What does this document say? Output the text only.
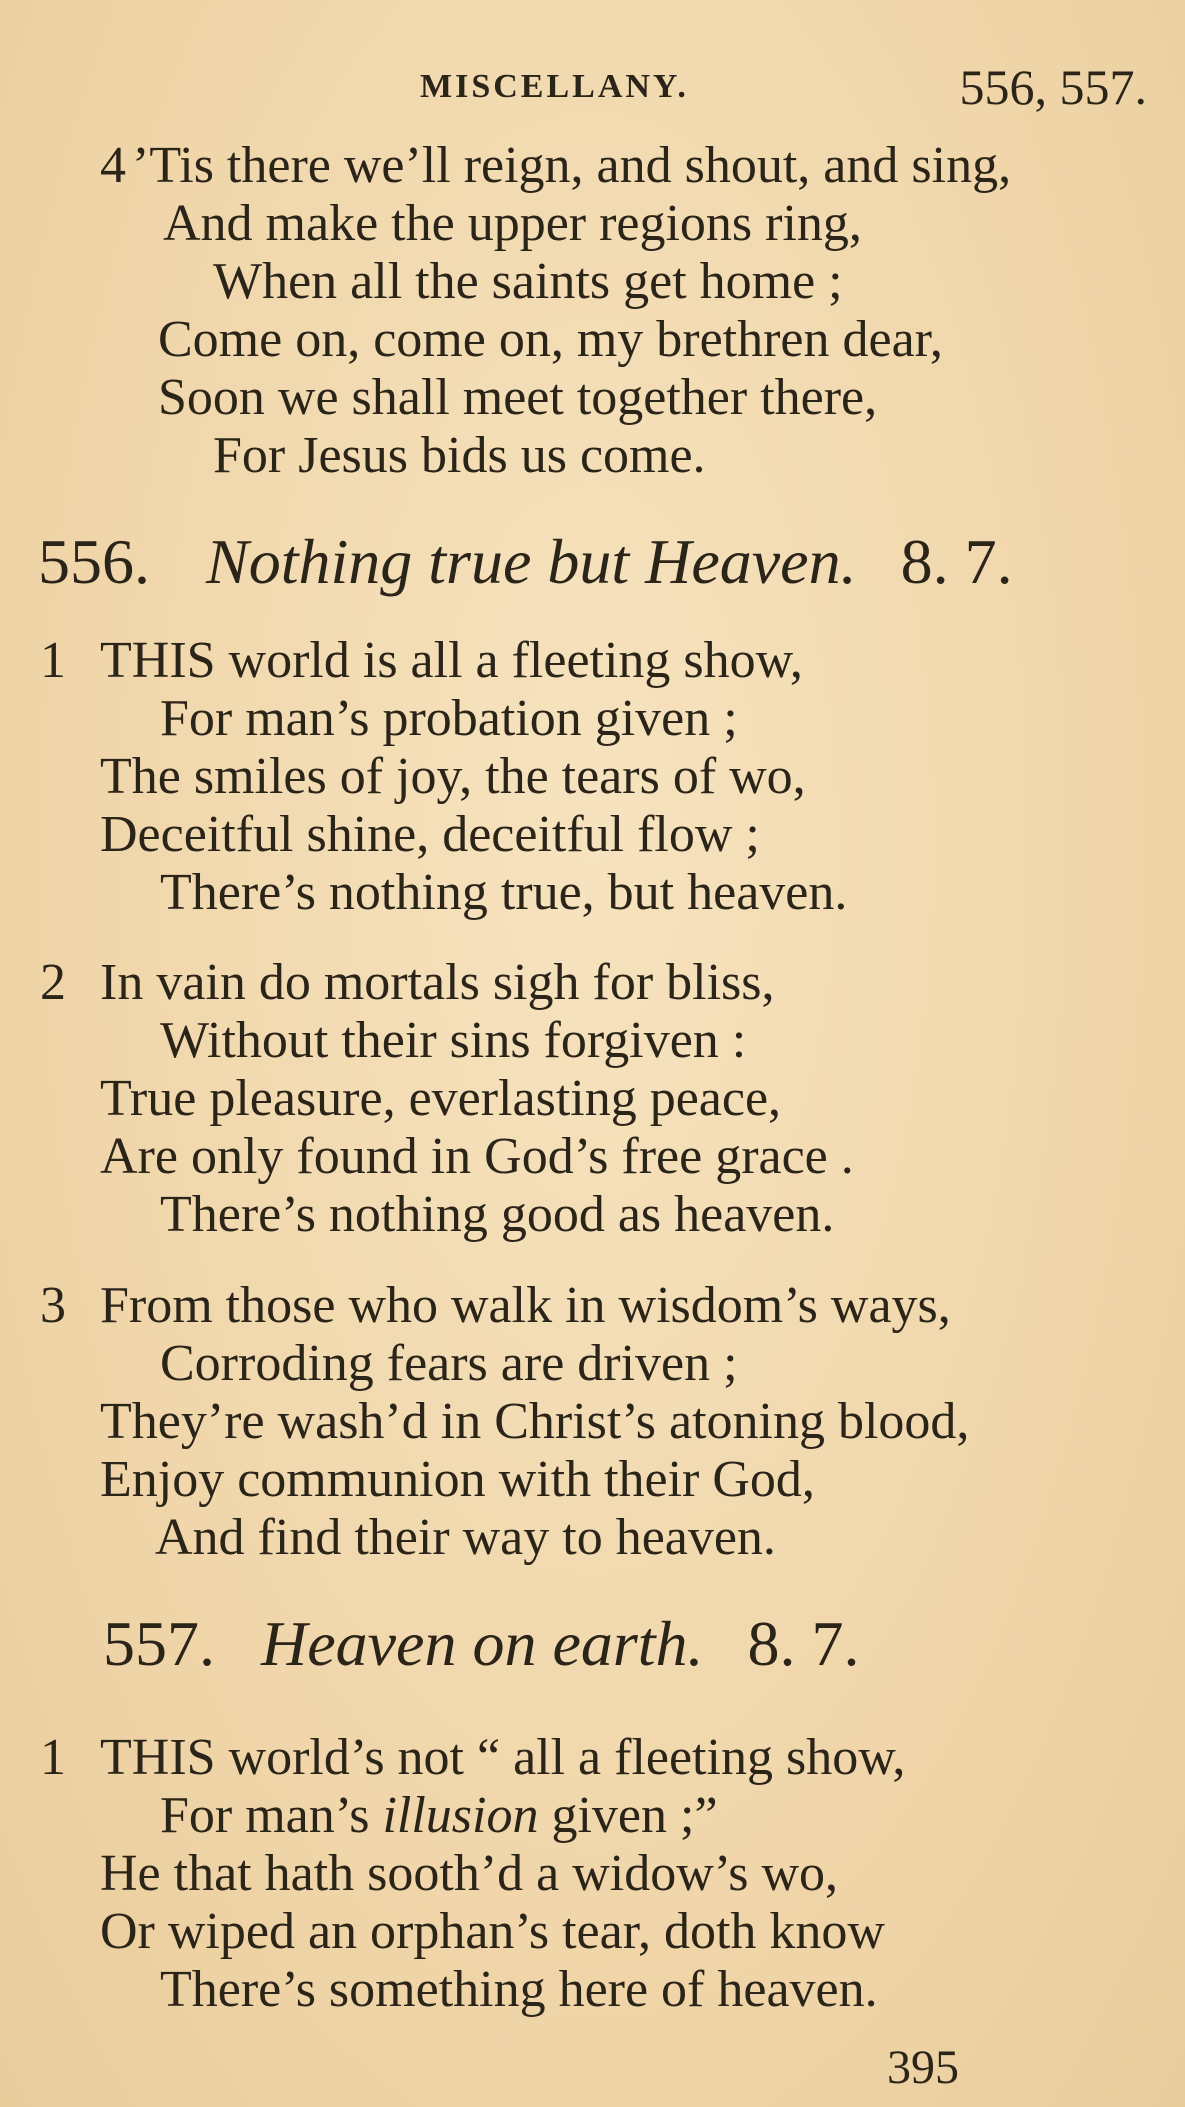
MISCELLANY.	556, 557.
4 ’Tis there we’ll reign, and shout, and sing,
And make the upper regions ring,
When all the saints get home ;
Come on, come on, my brethren dear,
Soon we shall meet together there,
For Jesus bids us come.
556. Nothing true but Heaven. 8. 7.
1 THIS world is all a fleeting show,
For man’s probation given ;
The smiles of joy, the tears of wo,
Deceitful shine, deceitful flow ;
There’s nothing true, but heaven.
2 In vain do mortals sigh for bliss,
Without their sins forgiven :
True pleasure, everlasting peace,
Are only found in God’s free grace .
There’s nothing good as heaven.
3 From those who walk in wisdom’s ways,
Corroding fears are driven ;
They’re wash’d in Christ’s atoning blood,
Enjoy communion with their God,
And find their way to heaven.
557. Heaven on earth. 8. 7.
1 THIS world’s not “ all a fleeting show,
For man’s illusion given ;”
He that hath sooth’d a widow’s wo,
Or wiped an orphan’s tear, doth know
There’s something here of heaven.
395
